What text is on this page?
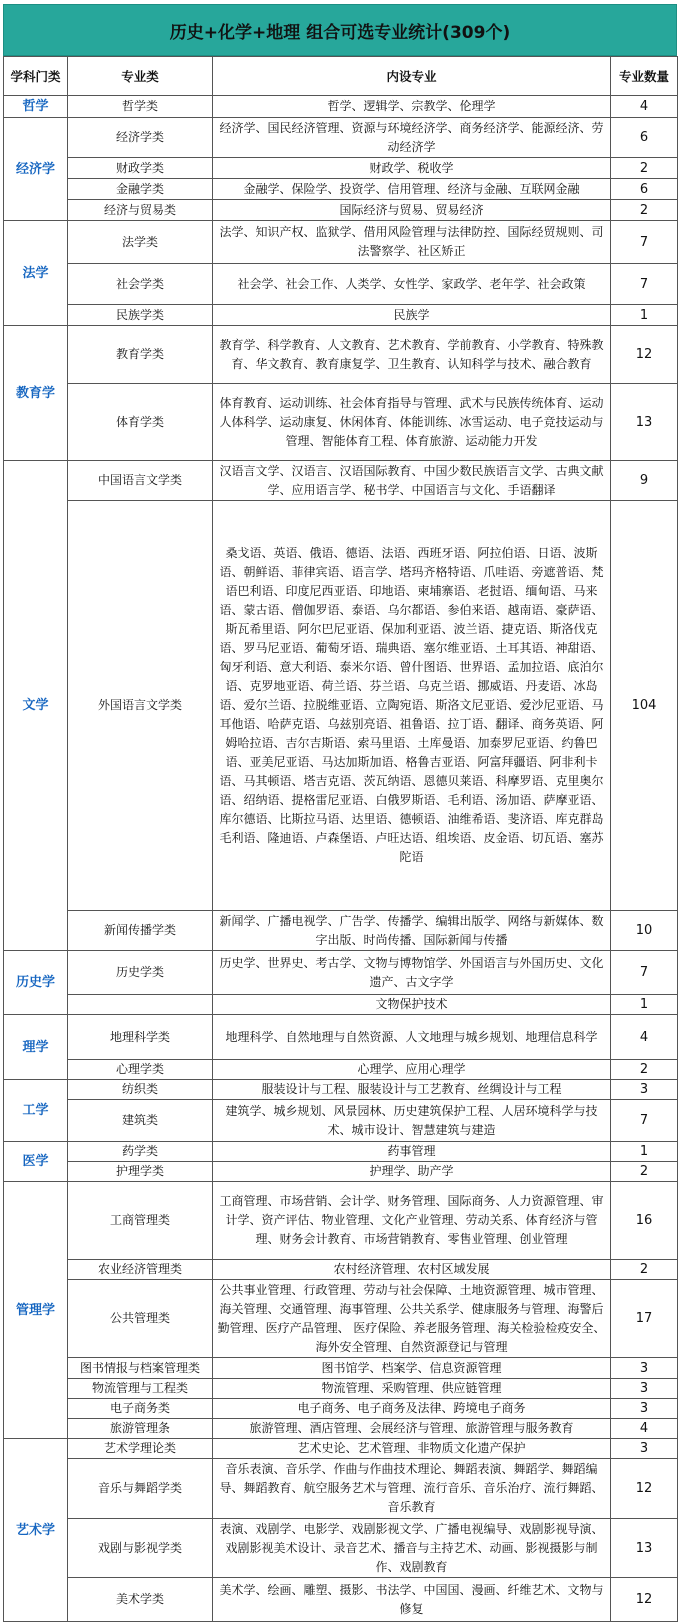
历史+化学+地理 组合可选专业统计(309个)
学科门类	专业类	内设专业	专业数量
哲学	哲学类	哲学、逻辑学、宗教学、伦理学	4
经济学	经济学类	经济学、国民经济管理、资源与环境经济学、商务经济学、能源经济、劳动经济学	6
	财政学类	财政学、税收学	2
	金融学类	金融学、保险学、投资学、信用管理、经济与金融、互联网金融	6
	经济与贸易类	国际经济与贸易、贸易经济	2
法学	法学类	法学、知识产权、监狱学、借用风险管理与法律防控、国际经贸规则、司法警察学、社区矫正	7
	社会学类	社会学、社会工作、人类学、女性学、家政学、老年学、社会政策	7
	民族学类	民族学	1
教育学	教育学类	教育学、科学教育、人文教育、艺术教育、学前教育、小学教育、特殊教育、华文教育、教育康复学、卫生教育、认知科学与技术、融合教育	12
	体育学类	体育教育、运动训练、社会体育指导与管理、武术与民族传统体育、运动人体科学、运动康复、休闲体育、体能训练、冰雪运动、电子竞技运动与管理、智能体育工程、体育旅游、运动能力开发	13
文学	中国语言文学类	汉语言文学、汉语言、汉语国际教育、中国少数民族语言文学、古典文献学、应用语言学、秘书学、中国语言与文化、手语翻译	9
	外国语言文学类	桑戈语、英语、俄语、德语、法语、西班牙语、阿拉伯语、日语、波斯语、朝鲜语、菲律宾语、语言学、塔玛齐格特语、爪哇语、旁遮普语、梵语巴利语、印度尼西亚语、印地语、柬埔寨语、老挝语、缅甸语、马来语、蒙古语、僧伽罗语、泰语、乌尔都语、参伯来语、越南语、豪萨语、斯瓦希里语、阿尔巴尼亚语、保加利亚语、波兰语、捷克语、斯洛伐克语、罗马尼亚语、葡萄牙语、瑞典语、塞尔维亚语、土耳其语、神甜语、匈牙利语、意大利语、泰米尔语、曾什图语、世界语、孟加拉语、底泊尔语、克罗地亚语、荷兰语、芬兰语、乌克兰语、挪威语、丹麦语、冰岛语、爱尔兰语、拉脱维亚语、立陶宛语、斯洛文尼亚语、爱沙尼亚语、马耳他语、哈萨克语、乌兹别亮语、祖鲁语、拉丁语、翻译、商务英语、阿姆哈拉语、吉尔吉斯语、索马里语、土库曼语、加泰罗尼亚语、约鲁巴语、亚美尼亚语、马达加斯加语、格鲁吉亚语、阿富拜疆语、阿非利卡语、马其顿语、塔吉克语、茨瓦纳语、恩德贝莱语、科摩罗语、克里奥尔语、绍纳语、提格雷尼亚语、白俄罗斯语、毛利语、汤加语、萨摩亚语、库尔德语、比斯拉马语、达里语、德顿语、油维希语、斐济语、库克群岛毛利语、隆迪语、卢森堡语、卢旺达语、组埃语、皮金语、切瓦语、塞苏陀语	104
	新闻传播学类	新闻学、广播电视学、广告学、传播学、编辑出版学、网络与新媒体、数字出版、时尚传播、国际新闻与传播	10
历史学	历史学类	历史学、世界史、考古学、文物与博物馆学、外国语言与外国历史、文化遗产、古文字学	7
		文物保护技术	1
理学	地理科学类	地理科学、自然地理与自然资源、人文地理与城乡规划、地理信息科学	4
	心理学类	心理学、应用心理学	2
工学	纺织类	服装设计与工程、服装设计与工艺教育、丝绸设计与工程	3
	建筑类	建筑学、城乡规划、风景园林、历史建筑保护工程、人居环境科学与技术、城市设计、智慧建筑与建造	7
医学	药学类	药事管理	1
	护理学类	护理学、助产学	2
管理学	工商管理类	工商管理、市场营销、会计学、财务管理、国际商务、人力资源管理、审计学、资产评估、物业管理、文化产业管理、劳动关系、体育经济与管理、财务会计教育、市场营销教育、零售业管理、创业管理	16
	农业经济管理类	农村经济管理、农村区域发展	2
	公共管理类	公共事业管理、行政管理、劳动与社会保障、土地资源管理、城市管理、海关管理、交通管理、海事管理、公共关系学、健康服务与管理、海警后勤管理、医疗产品管理、 医疗保险、养老服务管理、海关检验检疫安全、海外安全管理、自然资源登记与管理	17
	图书情报与档案管理类	图书馆学、档案学、信息资源管理	3
	物流管理与工程类	物流管理、采购管理、供应链管理	3
	电子商务类	电子商务、电子商务及法律、跨境电子商务	3
	旅游管理条	旅游管理、酒店管理、会展经济与管理、旅游管理与服务教育	4
艺术学	艺术学理论类	艺术史论、艺术管理、非物质文化遗产保护	3
	音乐与舞蹈学类	音乐表演、音乐学、作曲与作曲技术理论、舞蹈表演、舞蹈学、舞蹈编导、舞蹈教育、航空服务艺术与管理、流行音乐、音乐治疗、流行舞蹈、音乐教育	12
	戏剧与影视学类	表演、戏剧学、电影学、戏剧影视文学、广播电视编导、戏剧影视导演、戏剧影视美术设计、录音艺术、播音与主持艺术、动画、影视摄影与制作、戏剧教育	13
	美术学类	美术学、绘画、雕塑、摄影、书法学、中国国、漫画、纤维艺术、文物与修复	12
